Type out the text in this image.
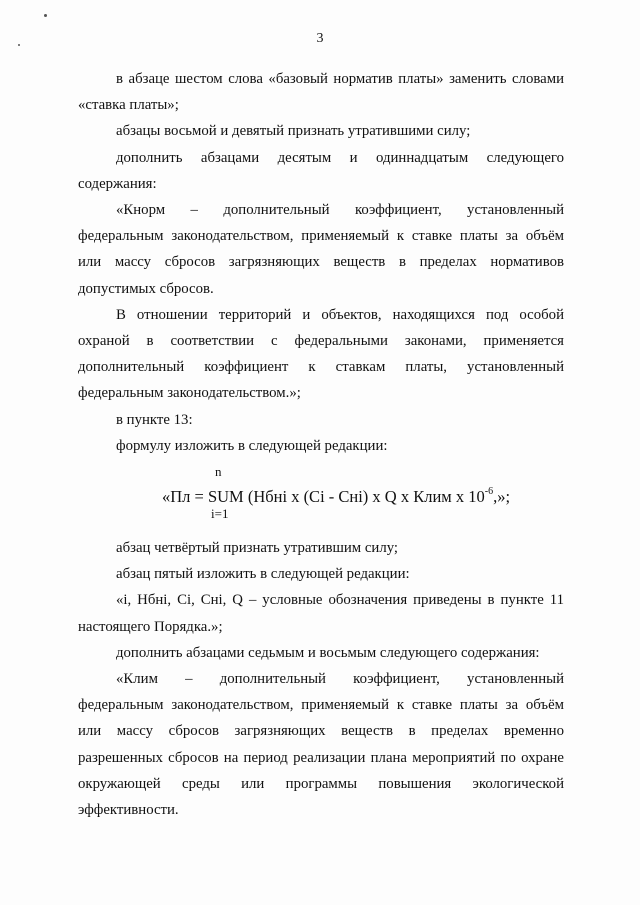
3

в абзаце шестом слова «базовый норматив платы» заменить словами
«ставка платы»;

абзацы восьмой и девятый признать утратившими силу;

дополнить абзацами десятым и одиннадцатым следующего
содержания:

«Кнорм – дополнительный коэффициент, установленный
федеральным законодательством, применяемый к ставке платы за объём
или массу сбросов загрязняющих веществ в пределах нормативов
допустимых сбросов.

В отношении территорий и объектов, находящихся под особой
охраной в соответствии с федеральными законами, применяется
дополнительный коэффициент к ставкам платы, установленный
федеральным законодательством.»;

в пункте 13:

формулу изложить в следующей редакции:

n
«Пл = SUM (Нбнi x (Сi - Снi) x Q x Клим x $10^{-6}$,»;
i=1

абзац четвёртый признать утратившим силу;

абзац пятый изложить в следующей редакции:

«i, Нбнi, Сi, Снi, Q – условные обозначения приведены в пункте 11
настоящего Порядка.»;

дополнить абзацами седьмым и восьмым следующего содержания:

«Клим – дополнительный коэффициент, установленный
федеральным законодательством, применяемый к ставке платы за объём
или массу сбросов загрязняющих веществ в пределах временно
разрешенных сбросов на период реализации плана мероприятий по охране
окружающей среды или программы повышения экологической
эффективности.
